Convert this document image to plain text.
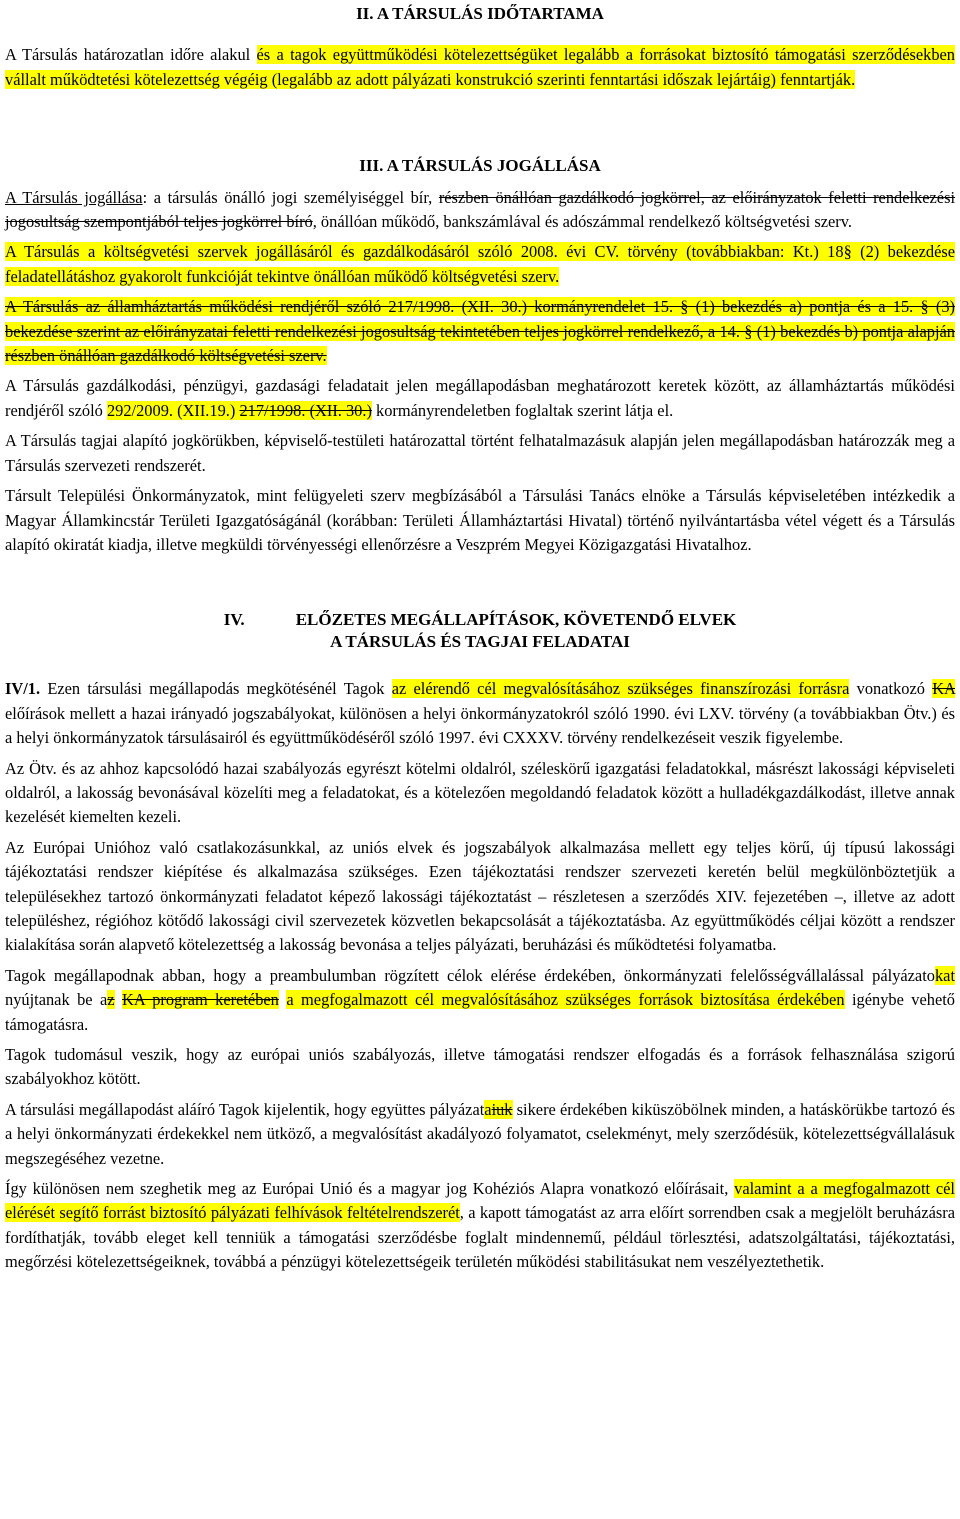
II. A TÁRSULÁS IDŐTARTAMA

A Társulás határozatlan időre alakul és a tagok együttműködési kötelezettségüket legalább a forrásokat biztosító támogatási szerződésekben vállalt működtetési kötelezettség végéig (legalább az adott pályázati konstrukció szerinti fenntartási időszak lejártáig) fenntartják.

III. A TÁRSULÁS JOGÁLLÁSA

A Társulás jogállása: a társulás önálló jogi személyiséggel bír, részben önállóan gazdálkodó jogkörrel, az előirányzatok feletti rendelkezési jogosultság szempontjából teljes jogkörrel bíró, önállóan működő, bankszámlával és adószámmal rendelkező költségvetési szerv.

A Társulás a költségvetési szervek jogállásáról és gazdálkodásáról szóló 2008. évi CV. törvény (továbbiakban: Kt.) 18§ (2) bekezdése feladatellátáshoz gyakorolt funkcióját tekintve önállóan működő költségvetési szerv.

A Társulás az államháztartás működési rendjéről szóló 217/1998. (XII. 30.) kormányrendelet 15. § (1) bekezdés a) pontja és a 15. § (3) bekezdése szerint az előirányzatai feletti rendelkezési jogosultság tekintetében teljes jogkörrel rendelkező, a 14. § (1) bekezdés b) pontja alapján részben önállóan gazdálkodó költségvetési szerv.

A Társulás gazdálkodási, pénzügyi, gazdasági feladatait jelen megállapodásban meghatározott keretek között, az államháztartás működési rendjéről szóló 292/2009. (XII.19.) 217/1998. (XII. 30.) kormányrendeletben foglaltak szerint látja el.

A Társulás tagjai alapító jogkörükben, képviselő-testületi határozattal történt felhatalmazásuk alapján jelen megállapodásban határozzák meg a Társulás szervezeti rendszerét.

Társult Települési Önkormányzatok, mint felügyeleti szerv megbízásából a Társulási Tanács elnöke a Társulás képviseletében intézkedik a Magyar Államkincstár Területi Igazgatóságánál (korábban: Területi Államháztartási Hivatal) történő nyilvántartásba vétel végett és a Társulás alapító okiratát kiadja, illetve megküldi törvényességi ellenőrzésre a Veszprém Megyei Közigazgatási Hivatalhoz.

IV.	ELŐZETES MEGÁLLAPÍTÁSOK, KÖVETENDŐ ELVEK
A TÁRSULÁS ÉS TAGJAI FELADATAI

IV/1. Ezen társulási megállapodás megkötésénél Tagok az elérendő cél megvalósításához szükséges finanszírozási forrásra vonatkozó KA előírások mellett a hazai irányadó jogszabályokat, különösen a helyi önkormányzatokról szóló 1990. évi LXV. törvény (a továbbiakban Ötv.) és a helyi önkormányzatok társulásairól és együttműködéséről szóló 1997. évi CXXXV. törvény rendelkezéseit veszik figyelembe.

Az Ötv. és az ahhoz kapcsolódó hazai szabályozás egyrészt kötelmi oldalról, széleskörű igazgatási feladatokkal, másrészt lakossági képviseleti oldalról, a lakosság bevonásával közelíti meg a feladatokat, és a kötelezően megoldandó feladatok között a hulladékgazdálkodást, illetve annak kezelését kiemelten kezeli.

Az Európai Unióhoz való csatlakozásunkkal, az uniós elvek és jogszabályok alkalmazása mellett egy teljes körű, új típusú lakossági tájékoztatási rendszer kiépítése és alkalmazása szükséges. Ezen tájékoztatási rendszer szervezeti keretén belül megkülönböztetjük a településekhez tartozó önkormányzati feladatot képező lakossági tájékoztatást – részletesen a szerződés XIV. fejezetében –, illetve az adott településhez, régióhoz kötődő lakossági civil szervezetek közvetlen bekapcsolását a tájékoztatásba. Az együttműködés céljai között a rendszer kialakítása során alapvető kötelezettség a lakosság bevonása a teljes pályázati, beruházási és működtetési folyamatba.

Tagok megállapodnak abban, hogy a preambulumban rögzített célok elérése érdekében, önkormányzati felelősségvállalással pályázatokat nyújtanak be az KA program keretében a megfogalmazott cél megvalósításához szükséges források biztosítása érdekében igénybe vehető támogatásra.

Tagok tudomásul veszik, hogy az európai uniós szabályozás, illetve támogatási rendszer elfogadás és a források felhasználása szigorú szabályokhoz kötött.

A társulási megállapodást aláíró Tagok kijelentik, hogy együttes pályázataiuk sikere érdekében kiküszöbölnek minden, a hatáskörükbe tartozó és a helyi önkormányzati érdekekkel nem ütköző, a megvalósítást akadályozó folyamatot, cselekményt, mely szerződésük, kötelezettségvállalásuk megszegéséhez vezetne.

Így különösen nem szeghetik meg az Európai Unió és a magyar jog Kohéziós Alapra vonatkozó előírásait, valamint a a megfogalmazott cél elérését segítő forrást biztosító pályázati felhívások feltételrendszerét, a kapott támogatást az arra előírt sorrendben csak a megjelölt beruházásra fordíthatják, tovább eleget kell tenniük a támogatási szerződésbe foglalt mindennemű, például törlesztési, adatszolgáltatási, tájékoztatási, megőrzési kötelezettségeiknek, továbbá a pénzügyi kötelezettségeik területén működési stabilitásukat nem veszélyeztethetik.
